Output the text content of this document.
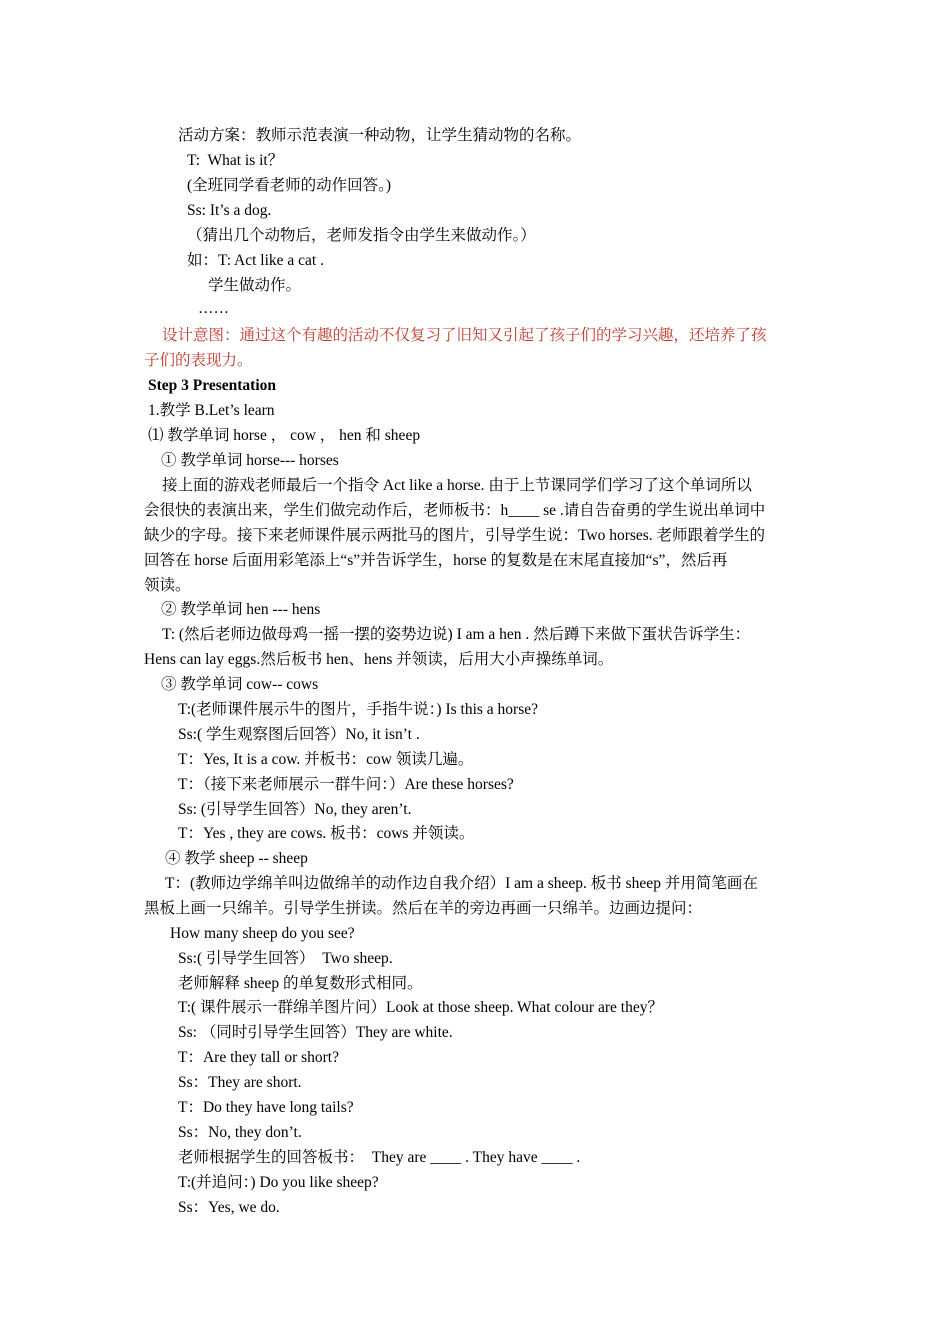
活动方案：教师示范表演一种动物，让学生猜动物的名称。
T:  What is it？
(全班同学看老师的动作回答。)
Ss: It’s a dog.
（猜出几个动物后，老师发指令由学生来做动作。）
如：T: Act like a cat .
学生做动作。
……
设计意图：通过这个有趣的活动不仅复习了旧知又引起了孩子们的学习兴趣，还培养了孩
子们的表现力。
Step 3 Presentation
1.教学 B.Let’s learn
⑴ 教学单词 horse ， cow ， hen 和 sheep
① 教学单词 horse--- horses
接上面的游戏老师最后一个指令 Act like a horse. 由于上节课同学们学习了这个单词所以
会很快的表演出来，学生们做完动作后，老师板书：h____ se .请自告奋勇的学生说出单词中
缺少的字母。接下来老师课件展示两批马的图片，引导学生说：Two horses. 老师跟着学生的
回答在 horse 后面用彩笔添上“s”并告诉学生，horse 的复数是在末尾直接加“s”，然后再
领读。
② 教学单词 hen --- hens
T: (然后老师边做母鸡一摇一摆的姿势边说) I am a hen . 然后蹲下来做下蛋状告诉学生：
Hens can lay eggs.然后板书 hen、hens 并领读，后用大小声操练单词。
③ 教学单词 cow-- cows
T:(老师课件展示牛的图片，手指牛说：) Is this a horse?
Ss:( 学生观察图后回答）No, it isn’t .
T：Yes, It is a cow. 并板书：cow 领读几遍。
T：（接下来老师展示一群牛问：）Are these horses?
Ss: (引导学生回答）No, they aren’t.
T：Yes , they are cows. 板书：cows 并领读。
④ 教学 sheep -- sheep
T：(教师边学绵羊叫边做绵羊的动作边自我介绍）I am a sheep. 板书 sheep 并用简笔画在
黑板上画一只绵羊。引导学生拼读。然后在羊的旁边再画一只绵羊。边画边提问：
How many sheep do you see?
Ss:( 引导学生回答）  Two sheep.
老师解释 sheep 的单复数形式相同。
T:( 课件展示一群绵羊图片问）Look at those sheep. What colour are they？
Ss: （同时引导学生回答）They are white.
T：Are they tall or short?
Ss：They are short.
T：Do they have long tails?
Ss：No, they don’t.
老师根据学生的回答板书：  They are ____ . They have ____ .
T:(并追问：) Do you like sheep?
Ss：Yes, we do.
